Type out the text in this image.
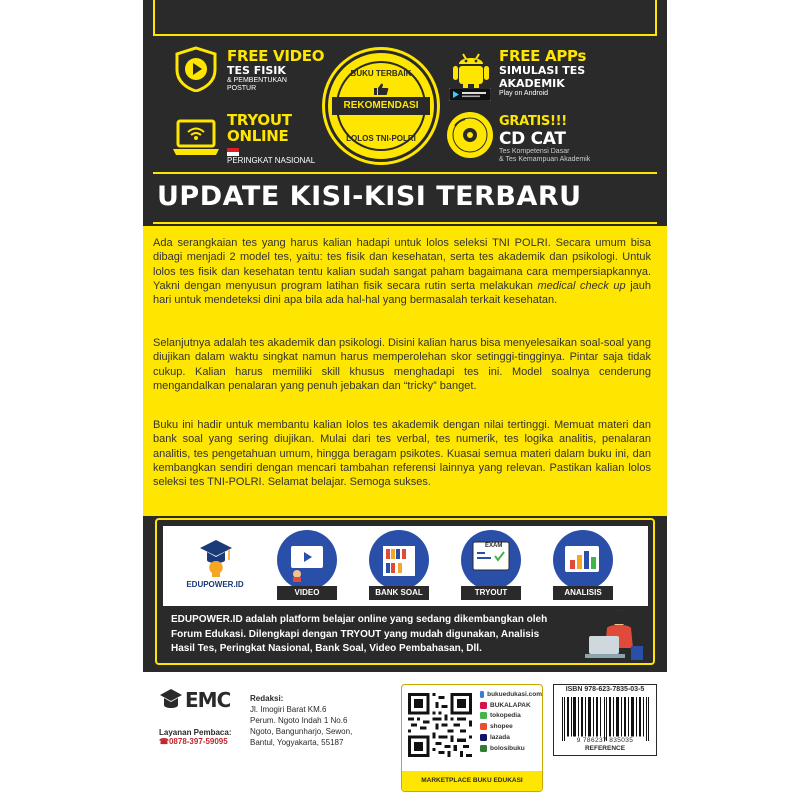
FREE VIDEO
TES FISIK
& PEMBENTUKAN
POSTUR
BUKU TERBAIK
REKOMENDASI
LOLOS TNI-POLRI
FREE APPs
SIMULASI TES
AKADEMIK
Play on Android
TRYOUT
ONLINE
PERINGKAT NASIONAL
GRATIS!!!
CD CAT
Tes Kompetensi Dasar
& Tes Kemampuan Akademik
UPDATE KISI-KISI TERBARU

Ada serangkaian tes yang harus kalian hadapi untuk lolos seleksi TNI POLRI. Secara umum bisa dibagi menjadi 2 model tes, yaitu: tes fisik dan kesehatan, serta tes akademik dan psikologi. Untuk lolos tes fisik dan kesehatan tentu kalian sudah sangat paham bagaimana cara mempersiapkannya. Yakni dengan menyusun program latihan fisik secara rutin serta melakukan medical check up jauh hari untuk mendeteksi dini apa bila ada hal-hal yang bermasalah terkait kesehatan.

Selanjutnya adalah tes akademik dan psikologi. Disini kalian harus bisa menyelesaikan soal-soal yang diujikan dalam waktu singkat namun harus memperolehan skor setinggi-tingginya. Pintar saja tidak cukup. Kalian harus memiliki skill khusus menghadapi tes ini. Model soalnya cenderung mengandalkan penalaran yang penuh jebakan dan “tricky” banget.

Buku ini hadir untuk membantu kalian lolos tes akademik dengan nilai tertinggi. Memuat materi dan bank soal yang sering diujikan. Mulai dari tes verbal, tes numerik, tes logika analitis, penalaran analitis, tes pengetahuan umum, hingga beragam psikotes. Kuasai semua materi dalam buku ini, dan kembangkan sendiri dengan mencari tambahan referensi lainnya yang relevan. Pastikan kalian lolos seleksi tes TNI-POLRI. Selamat belajar. Semoga sukses.

EDUPOWER.ID
VIDEO	BANK SOAL
EXAM
TRYOUT	ANALISIS
EDUPOWER.ID adalah platform belajar online yang sedang dikembangkan oleh Forum Edukasi. Dilengkapi dengan TRYOUT yang mudah digunakan, Analisis Hasil Tes, Peringkat Nasional, Bank Soal, Video Pembahasan, Dll.
EMC
Layanan Pembaca:
☎0878-397-59095
Redaksi:
Jl. Imogiri Barat KM.6
Perum. Ngoto Indah 1 No.6
Ngoto, Bangunharjo, Sewon,
Bantul, Yogyakarta, 55187
bukuedukasi.com
BUKALAPAK
tokopedia
shopee
lazada
bolosibuku
MARKETPLACE BUKU EDUKASI
ISBN 978-623-7835-03-5
9 786237 835035
REFERENCE
